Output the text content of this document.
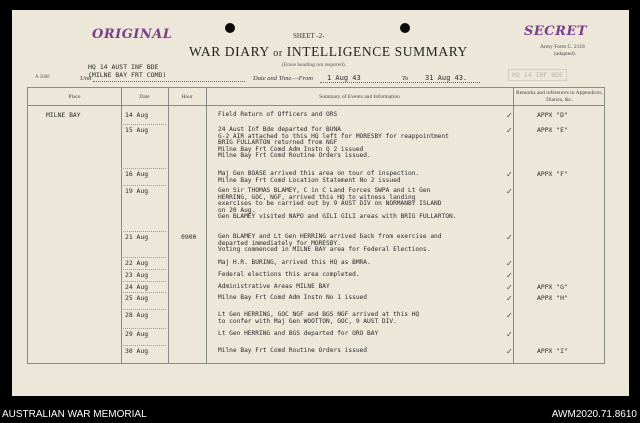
ORIGINAL	SECRET
SHEET -2-
WAR DIARY or INTELLIGENCE SUMMARY
(Erase heading not required).
Army Form C. 2118
(adapted).
A 5068
HQ 14 AUST INF BDE
(MILNE BAY FRT COMD)
Unit	Date and Time.—From 1 Aug 43	To 31 Aug 43.	HQ 14 INF BDE
Place	Date	Hour	Summary of Events and Information
Remarks and references to Appendices, Diaries, &c.
MILNE BAY	14 Aug	Field Return of Officers and ORS	APPX "D"
✓
15 Aug	24 Aust Inf Bde departed for BUNA
G-2 AIR attached to this HQ left for MORESBY for reappointment
BRIG FULLARTON returned from NGF
Milne Bay Frt Comd Adm Instn Q 2 issued
Milne Bay Frt Comd Routine Orders issued.
APPX "E"
✓
16 Aug	Maj Gen BOASE arrived this area on tour of inspection.
Milne Bay Frt Comd Location Statement No 2 issued
APPX "F"
✓
19 Aug	Gen Sir THOMAS BLAMEY, C in C Land Forces SWPA and Lt Gen
HERRING, GOC, NGF, arrived this HQ to witness landing
exercises to be carried out by 9 AUST DIV on NORMANBY ISLAND
on 20 Aug.
Gen BLAMEY visited NAPO and GILI GILI areas with BRIG FULLARTON.
✓
21 Aug	0900	Gen BLAMEY and Lt Gen HERRING arrived back from exercise and
departed immediately for MORESBY.
Voting commenced in MILNE BAY area for Federal Elections.
✓
22 Aug	Maj H.R. BURING, arrived this HQ as BMRA.	✓
23 Aug	Federal elections this area completed.	✓
24 Aug	Administrative Areas MILNE BAY	APPX "G"
✓
25 Aug	Milne Bay Frt Comd Adm Instn No 1 issued	APPX "H"
✓
28 Aug	Lt Gen HERRING, GOC NGF and BGS NGF arrived at this HQ
to confer with Maj Gen WOOTTON, GOC, 9 AUST DIV.
✓
29 Aug	Lt Gen HERRING and BGS departed for ORO BAY	✓
30 Aug	Milne Bay Frt Comd Routine Orders issued	APPX "I"
✓
AUSTRALIAN WAR MEMORIAL	AWM2020.71.8610
